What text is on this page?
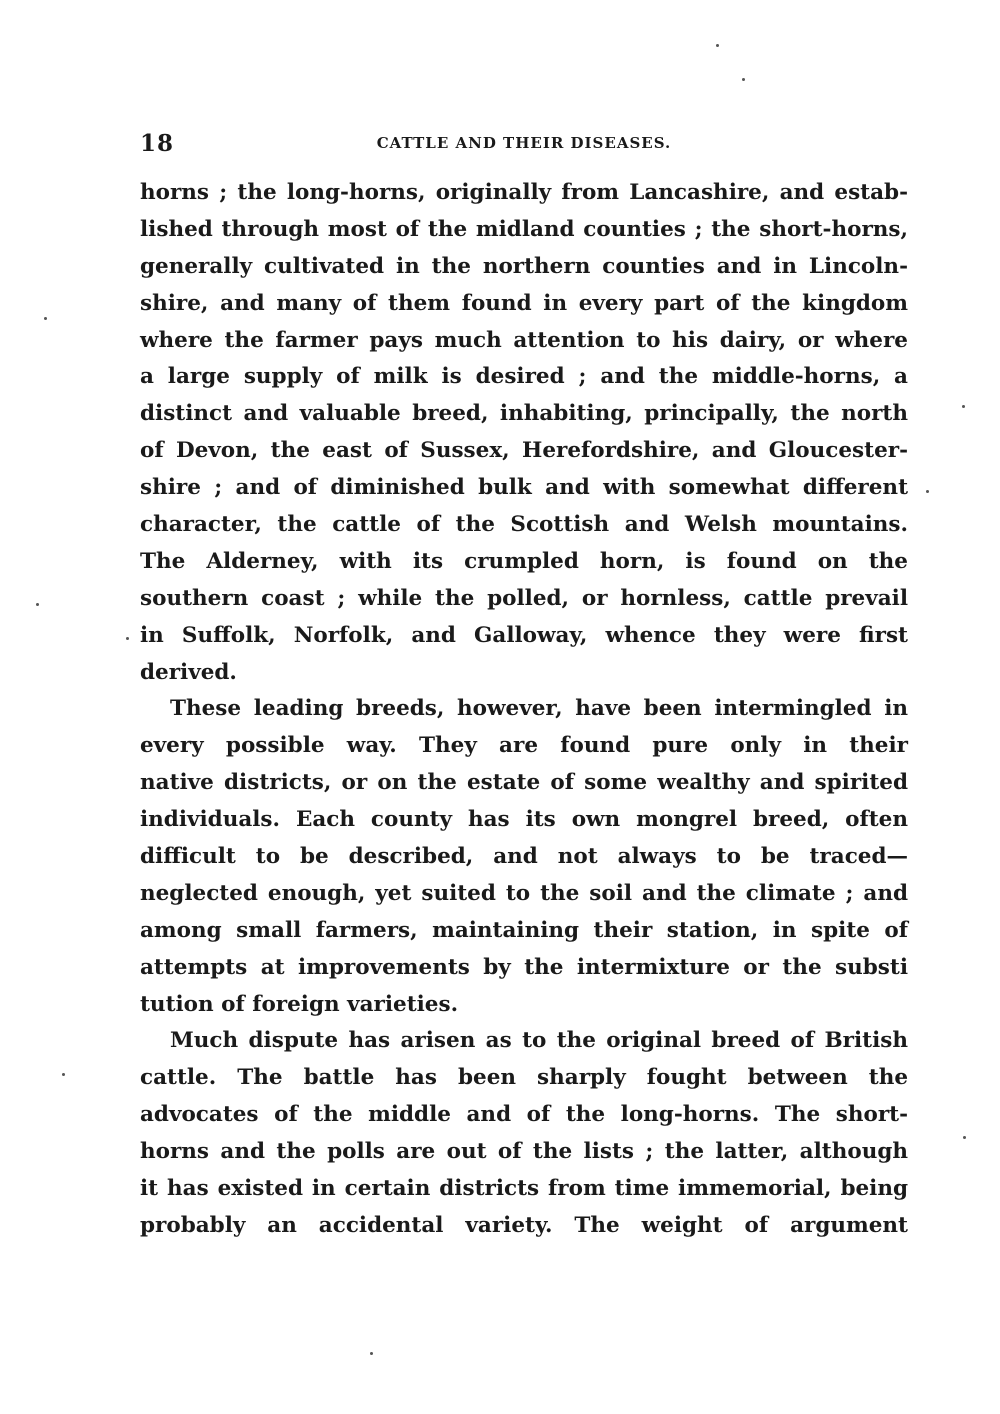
18	CATTLE AND THEIR DISEASES.
horns ; the long-horns, originally from Lancashire, and estab-
lished through most of the midland counties ; the short-horns,
generally cultivated in the northern counties and in Lincoln-
shire, and many of them found in every part of the kingdom
where the farmer pays much attention to his dairy, or where
a large supply of milk is desired ; and the middle-horns, a
distinct and valuable breed, inhabiting, principally, the north
of Devon, the east of Sussex, Herefordshire, and Gloucester-
shire ; and of diminished bulk and with somewhat different
character, the cattle of the Scottish and Welsh mountains.
The Alderney, with its crumpled horn, is found on the
southern coast ; while the polled, or hornless, cattle prevail
in Suffolk, Norfolk, and Galloway, whence they were first
derived.
These leading breeds, however, have been intermingled in
every possible way. They are found pure only in their
native districts, or on the estate of some wealthy and spirited
individuals. Each county has its own mongrel breed, often
difficult to be described, and not always to be traced—
neglected enough, yet suited to the soil and the climate ; and
among small farmers, maintaining their station, in spite of
attempts at improvements by the intermixture or the substi
tution of foreign varieties.
Much dispute has arisen as to the original breed of British
cattle. The battle has been sharply fought between the
advocates of the middle and of the long-horns. The short-
horns and the polls are out of the lists ; the latter, although
it has existed in certain districts from time immemorial, being
probably an accidental variety. The weight of argument
